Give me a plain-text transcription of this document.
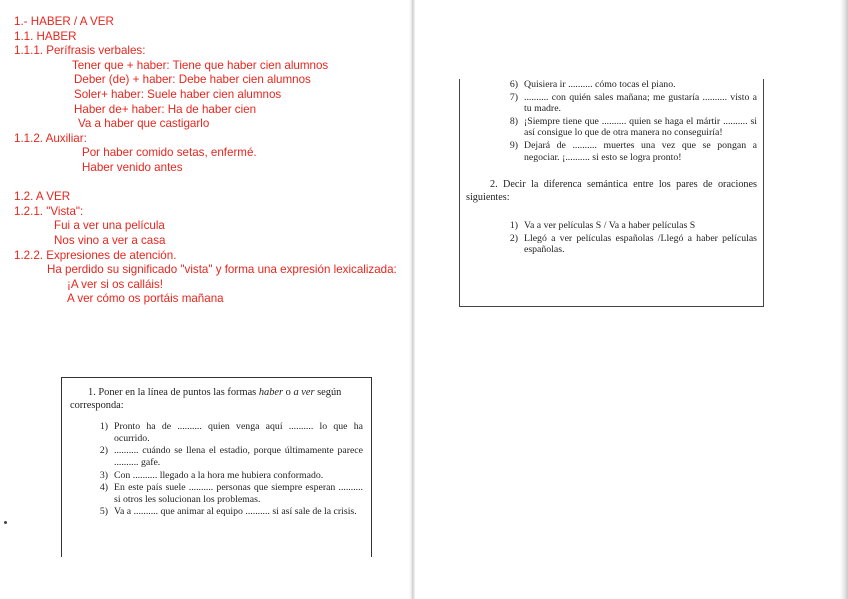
1.- HABER / A VER
1.1. HABER
1.1.1. Perífrasis verbales:
Tener que + haber: Tiene que haber cien alumnos
Deber (de) + haber: Debe haber cien alumnos
Soler+ haber: Suele haber cien alumnos
Haber de+ haber: Ha de haber cien
Va a haber que castigarlo
1.1.2. Auxiliar:
Por haber comido setas, enfermé.
Haber venido antes
1.2. A VER
1.2.1. "Vista":
Fui a ver una película
Nos vino a ver a casa
1.2.2. Expresiones de atención.
Ha perdido su significado "vista" y forma una expresión lexicalizada:
¡A ver si os calláis!
A ver cómo os portáis mañana
1. Poner en la línea de puntos las formas haber o a ver según corresponda:
1) Pronto ha de .......... quien venga aquí .......... lo que ha ocurrido.
2) .......... cuándo se llena el estadio, porque últimamente parece .......... gafe.
3) Con .......... llegado a la hora me hubiera conformado.
4) En este país suele .......... personas que siempre esperan .......... si otros les solucionan los problemas.
5) Va a .......... que animar al equipo .......... si así sale de la crisis.
6) Quisiera ir .......... cómo tocas el piano.
7) .......... con quién sales mañana; me gustaría .......... visto a tu madre.
8) ¡Siempre tiene que .......... quien se haga el mártir .......... si así consigue lo que de otra manera no conseguiría!
9) Dejará de .......... muertes una vez que se pongan a negociar. ¡.......... si esto se logra pronto!
2. Decir la diferenca semántica entre los pares de oraciones siguientes:
1) Va a ver películas S / Va a haber películas S
2) Llegó a ver películas españolas /Llegó a haber películas españolas.
